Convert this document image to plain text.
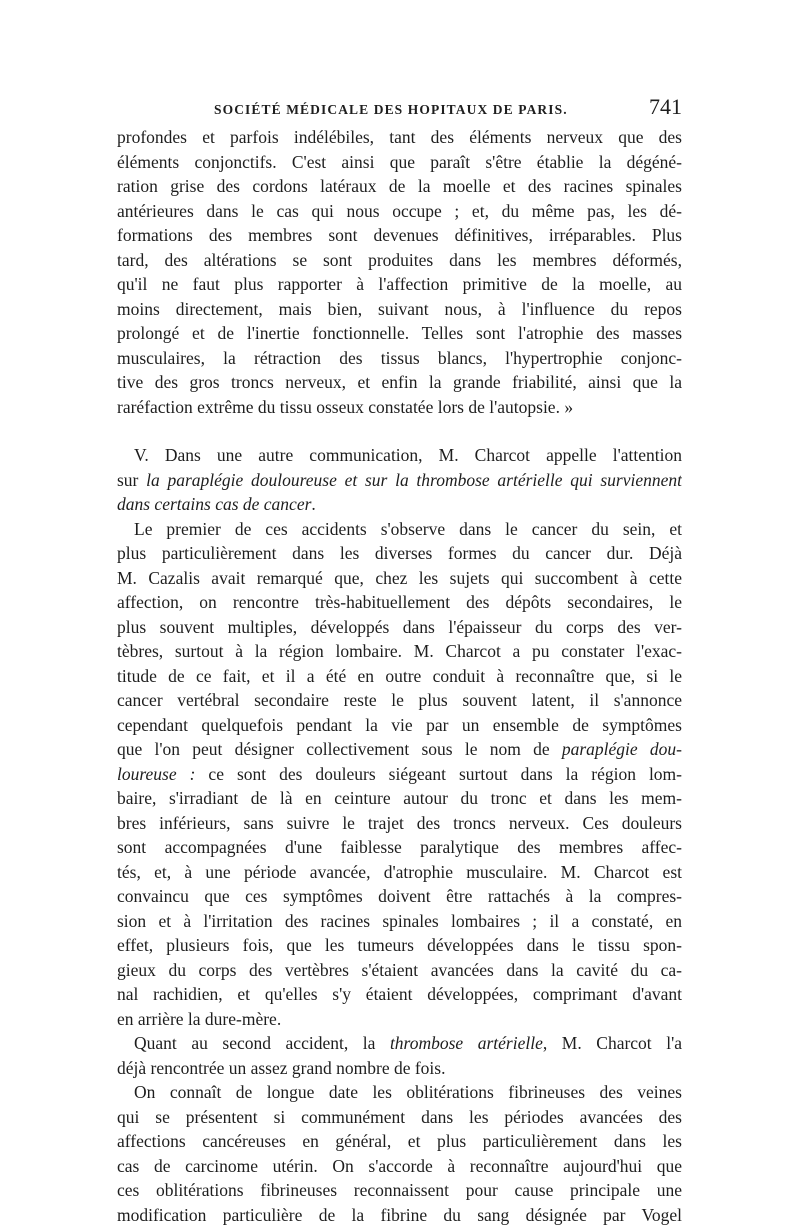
SOCIÉTÉ MÉDICALE DES HOPITAUX DE PARIS.	741
profondes et parfois indélébiles, tant des éléments nerveux que des
éléments conjonctifs. C'est ainsi que paraît s'être établie la dégéné-
ration grise des cordons latéraux de la moelle et des racines spinales
antérieures dans le cas qui nous occupe ; et, du même pas, les dé-
formations des membres sont devenues définitives, irréparables. Plus
tard, des altérations se sont produites dans les membres déformés,
qu'il ne faut plus rapporter à l'affection primitive de la moelle, au
moins directement, mais bien, suivant nous, à l'influence du repos
prolongé et de l'inertie fonctionnelle. Telles sont l'atrophie des masses
musculaires, la rétraction des tissus blancs, l'hypertrophie conjonc-
tive des gros troncs nerveux, et enfin la grande friabilité, ainsi que la
raréfaction extrême du tissu osseux constatée lors de l'autopsie. »
V. Dans une autre communication, M. Charcot appelle l'attention
sur la paraplégie douloureuse et sur la thrombose artérielle qui surviennent
dans certains cas de cancer.
Le premier de ces accidents s'observe dans le cancer du sein, et
plus particulièrement dans les diverses formes du cancer dur. Déjà
M. Cazalis avait remarqué que, chez les sujets qui succombent à cette
affection, on rencontre très-habituellement des dépôts secondaires, le
plus souvent multiples, développés dans l'épaisseur du corps des ver-
tèbres, surtout à la région lombaire. M. Charcot a pu constater l'exac-
titude de ce fait, et il a été en outre conduit à reconnaître que, si le
cancer vertébral secondaire reste le plus souvent latent, il s'annonce
cependant quelquefois pendant la vie par un ensemble de symptômes
que l'on peut désigner collectivement sous le nom de paraplégie dou-
loureuse : ce sont des douleurs siégeant surtout dans la région lom-
baire, s'irradiant de là en ceinture autour du tronc et dans les mem-
bres inférieurs, sans suivre le trajet des troncs nerveux. Ces douleurs
sont accompagnées d'une faiblesse paralytique des membres affec-
tés, et, à une période avancée, d'atrophie musculaire. M. Charcot est
convaincu que ces symptômes doivent être rattachés à la compres-
sion et à l'irritation des racines spinales lombaires ; il a constaté, en
effet, plusieurs fois, que les tumeurs développées dans le tissu spon-
gieux du corps des vertèbres s'étaient avancées dans la cavité du ca-
nal rachidien, et qu'elles s'y étaient développées, comprimant d'avant
en arrière la dure-mère.
Quant au second accident, la thrombose artérielle, M. Charcot l'a
déjà rencontrée un assez grand nombre de fois.
On connaît de longue date les oblitérations fibrineuses des veines
qui se présentent si communément dans les périodes avancées des
affections cancéreuses en général, et plus particulièrement dans les
cas de carcinome utérin. On s'accorde à reconnaître aujourd'hui que
ces oblitérations fibrineuses reconnaissent pour cause principale une
modification particulière de la fibrine du sang désignée par Vogel
